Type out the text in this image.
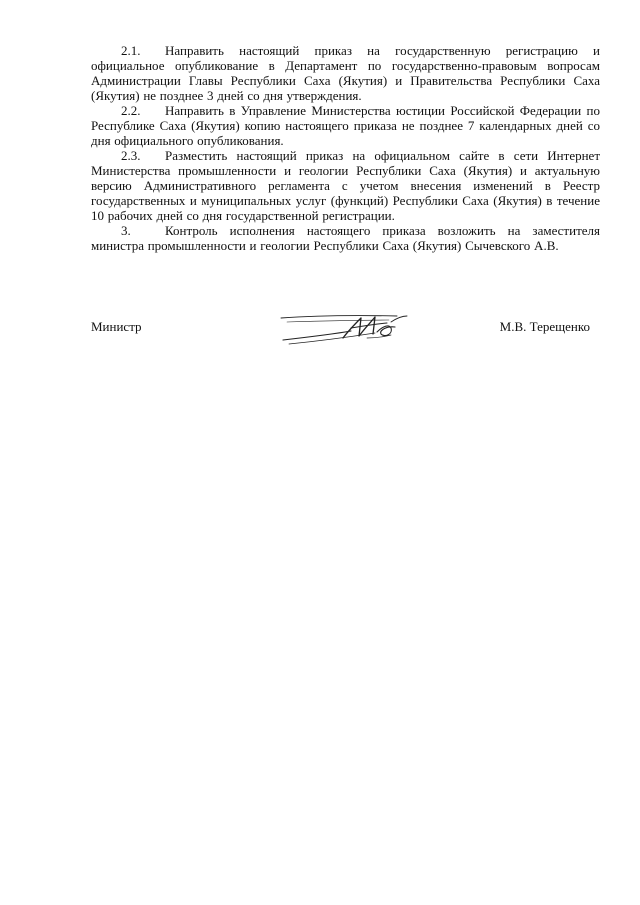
2.1. Направить настоящий приказ на государственную регистрацию и официальное опубликование в Департамент по государственно-правовым вопросам Администрации Главы Республики Саха (Якутия) и Правительства Республики Саха (Якутия) не позднее 3 дней со дня утверждения.

2.2. Направить в Управление Министерства юстиции Российской Федерации по Республике Саха (Якутия) копию настоящего приказа не позднее 7 календарных дней со дня официального опубликования.

2.3. Разместить настоящий приказ на официальном сайте в сети Интернет Министерства промышленности и геологии Республики Саха (Якутия) и актуальную версию Административного регламента с учетом внесения изменений в Реестр государственных и муниципальных услуг (функций) Республики Саха (Якутия) в течение 10 рабочих дней со дня государственной регистрации.

3.	Контроль исполнения настоящего приказа возложить на заместителя министра промышленности и геологии Республики Саха (Якутия) Сычевского А.В.

Министр	М.В. Терещенко
